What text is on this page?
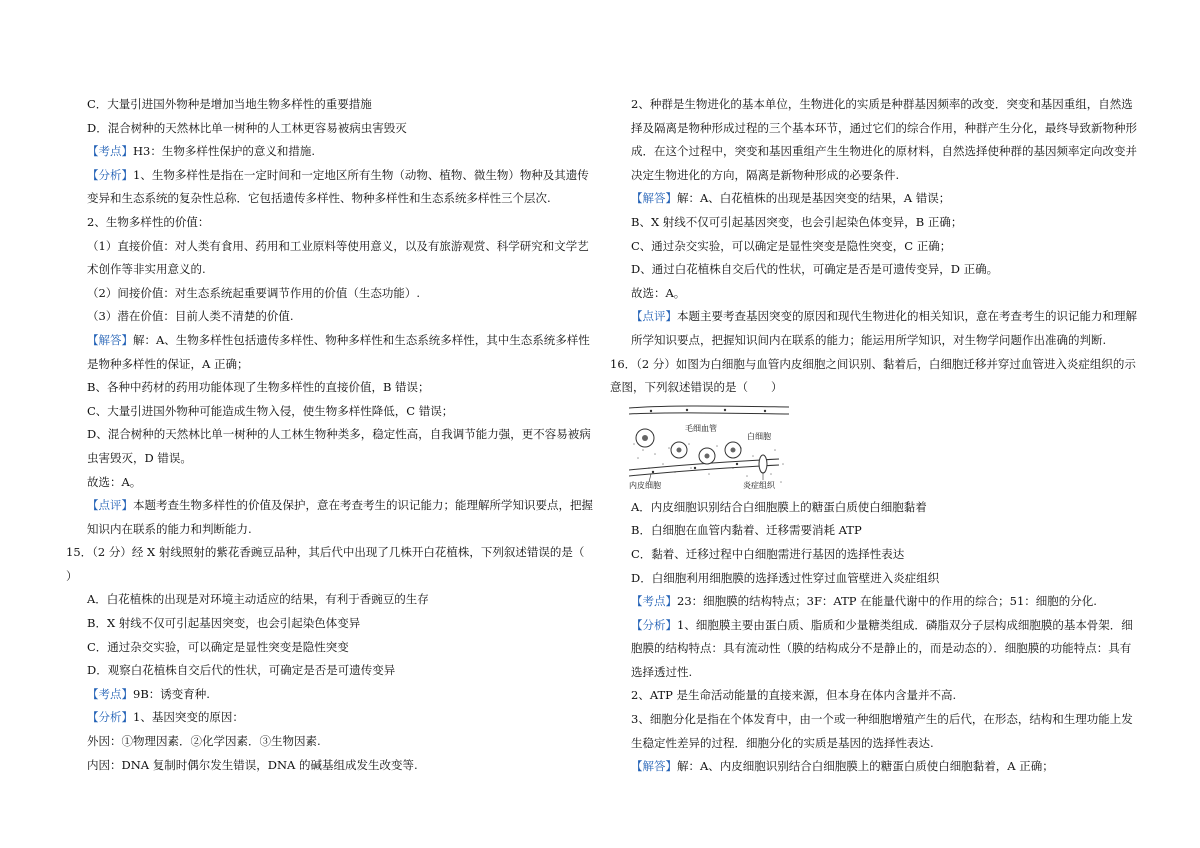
C．大量引进国外物种是增加当地生物多样性的重要措施

D．混合树种的天然林比单一树种的人工林更容易被病虫害毁灭

【考点】H3：生物多样性保护的意义和措施.

【分析】1、生物多样性是指在一定时间和一定地区所有生物（动物、植物、微生物）物种及其遗传变异和生态系统的复杂性总称．它包括遗传多样性、物种多样性和生态系统多样性三个层次.

2、生物多样性的价值：

（1）直接价值：对人类有食用、药用和工业原料等使用意义，以及有旅游观赏、科学研究和文学艺术创作等非实用意义的.

（2）间接价值：对生态系统起重要调节作用的价值（生态功能）.

（3）潜在价值：目前人类不清楚的价值.

【解答】解：A、生物多样性包括遗传多样性、物种多样性和生态系统多样性，其中生态系统多样性是物种多样性的保证，A 正确；

B、各种中药材的药用功能体现了生物多样性的直接价值，B 错误；

C、大量引进国外物种可能造成生物入侵，使生物多样性降低，C 错误；

D、混合树种的天然林比单一树种的人工林生物种类多，稳定性高，自我调节能力强，更不容易被病虫害毁灭，D 错误。

故选：A。

【点评】本题考查生物多样性的价值及保护，意在考查考生的识记能力；能理解所学知识要点，把握知识内在联系的能力和判断能力.

15．（2 分）经 X 射线照射的紫花香豌豆品种，其后代中出现了几株开白花植株，下列叙述错误的是（　　）

A．白花植株的出现是对环境主动适应的结果，有利于香豌豆的生存

B．X 射线不仅可引起基因突变，也会引起染色体变异

C．通过杂交实验，可以确定是显性突变是隐性突变

D．观察白花植株自交后代的性状，可确定是否是可遗传变异

【考点】9B：诱变育种.

【分析】1、基因突变的原因：

外因：①物理因素．②化学因素．③生物因素.

内因：DNA 复制时偶尔发生错误，DNA 的碱基组成发生改变等.

2、种群是生物进化的基本单位，生物进化的实质是种群基因频率的改变．突变和基因重组，自然选择及隔离是物种形成过程的三个基本环节，通过它们的综合作用，种群产生分化，最终导致新物种形成．在这个过程中，突变和基因重组产生生物进化的原材料，自然选择使种群的基因频率定向改变并决定生物进化的方向，隔离是新物种形成的必要条件.

【解答】解：A、白花植株的出现是基因突变的结果，A 错误；

B、X 射线不仅可引起基因突变，也会引起染色体变异，B 正确；

C、通过杂交实验，可以确定是显性突变是隐性突变，C 正确；

D、通过白花植株自交后代的性状，可确定是否是可遗传变异，D 正确。

故选：A。

【点评】本题主要考查基因突变的原因和现代生物进化的相关知识，意在考查考生的识记能力和理解所学知识要点，把握知识间内在联系的能力；能运用所学知识，对生物学问题作出准确的判断.

16．（2 分）如图为白细胞与血管内皮细胞之间识别、黏着后，白细胞迁移并穿过血管进入炎症组织的示意图，下列叙述错误的是（　　）

毛细血管
白细胞
内皮细胞	炎症组织

A．内皮细胞识别结合白细胞膜上的糖蛋白质使白细胞黏着

B．白细胞在血管内黏着、迁移需要消耗 ATP

C．黏着、迁移过程中白细胞需进行基因的选择性表达

D．白细胞利用细胞膜的选择透过性穿过血管壁进入炎症组织

【考点】23：细胞膜的结构特点；3F：ATP 在能量代谢中的作用的综合；51：细胞的分化.

【分析】1、细胞膜主要由蛋白质、脂质和少量糖类组成．磷脂双分子层构成细胞膜的基本骨架．细胞膜的结构特点：具有流动性（膜的结构成分不是静止的，而是动态的）．细胞膜的功能特点：具有选择透过性.

2、ATP 是生命活动能量的直接来源，但本身在体内含量并不高.

3、细胞分化是指在个体发育中，由一个或一种细胞增殖产生的后代，在形态，结构和生理功能上发生稳定性差异的过程．细胞分化的实质是基因的选择性表达.

【解答】解：A、内皮细胞识别结合白细胞膜上的糖蛋白质使白细胞黏着，A 正确；
